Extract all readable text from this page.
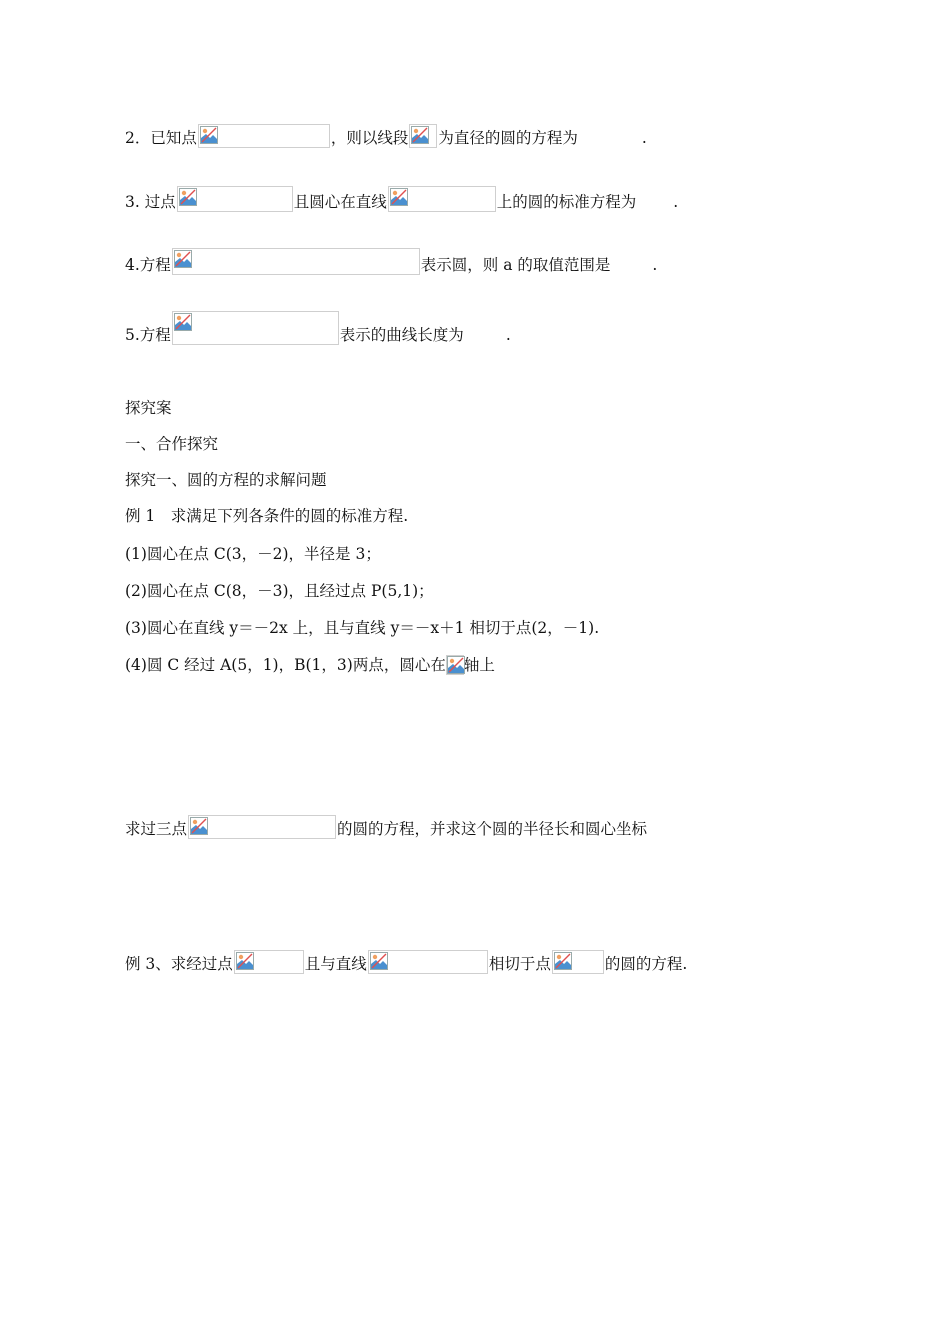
2．已知点	，则以线段 为直径的圆的方程为	.
3. 过点	且圆心在直线	上的圆的标准方程为 .
4.方程	表示圆，则 a 的取值范围是	.
5.方程	表示的曲线长度为	.
探究案
一、合作探究
探究一、圆的方程的求解问题
例 1　求满足下列各条件的圆的标准方程.
(1)圆心在点 C(3，－2)，半径是 3；
(2)圆心在点 C(8，－3)，且经过点 P(5,1)；
(3)圆心在直线 y＝－2x 上，且与直线 y＝－x＋1 相切于点(2，－1).
(4)圆 C 经过 A(5，1)，B(1，3)两点，圆心在 轴上
求过三点	的圆的方程，并求这个圆的半径长和圆心坐标
例 3、求经过点	且与直线	相切于点	的圆的方程.
